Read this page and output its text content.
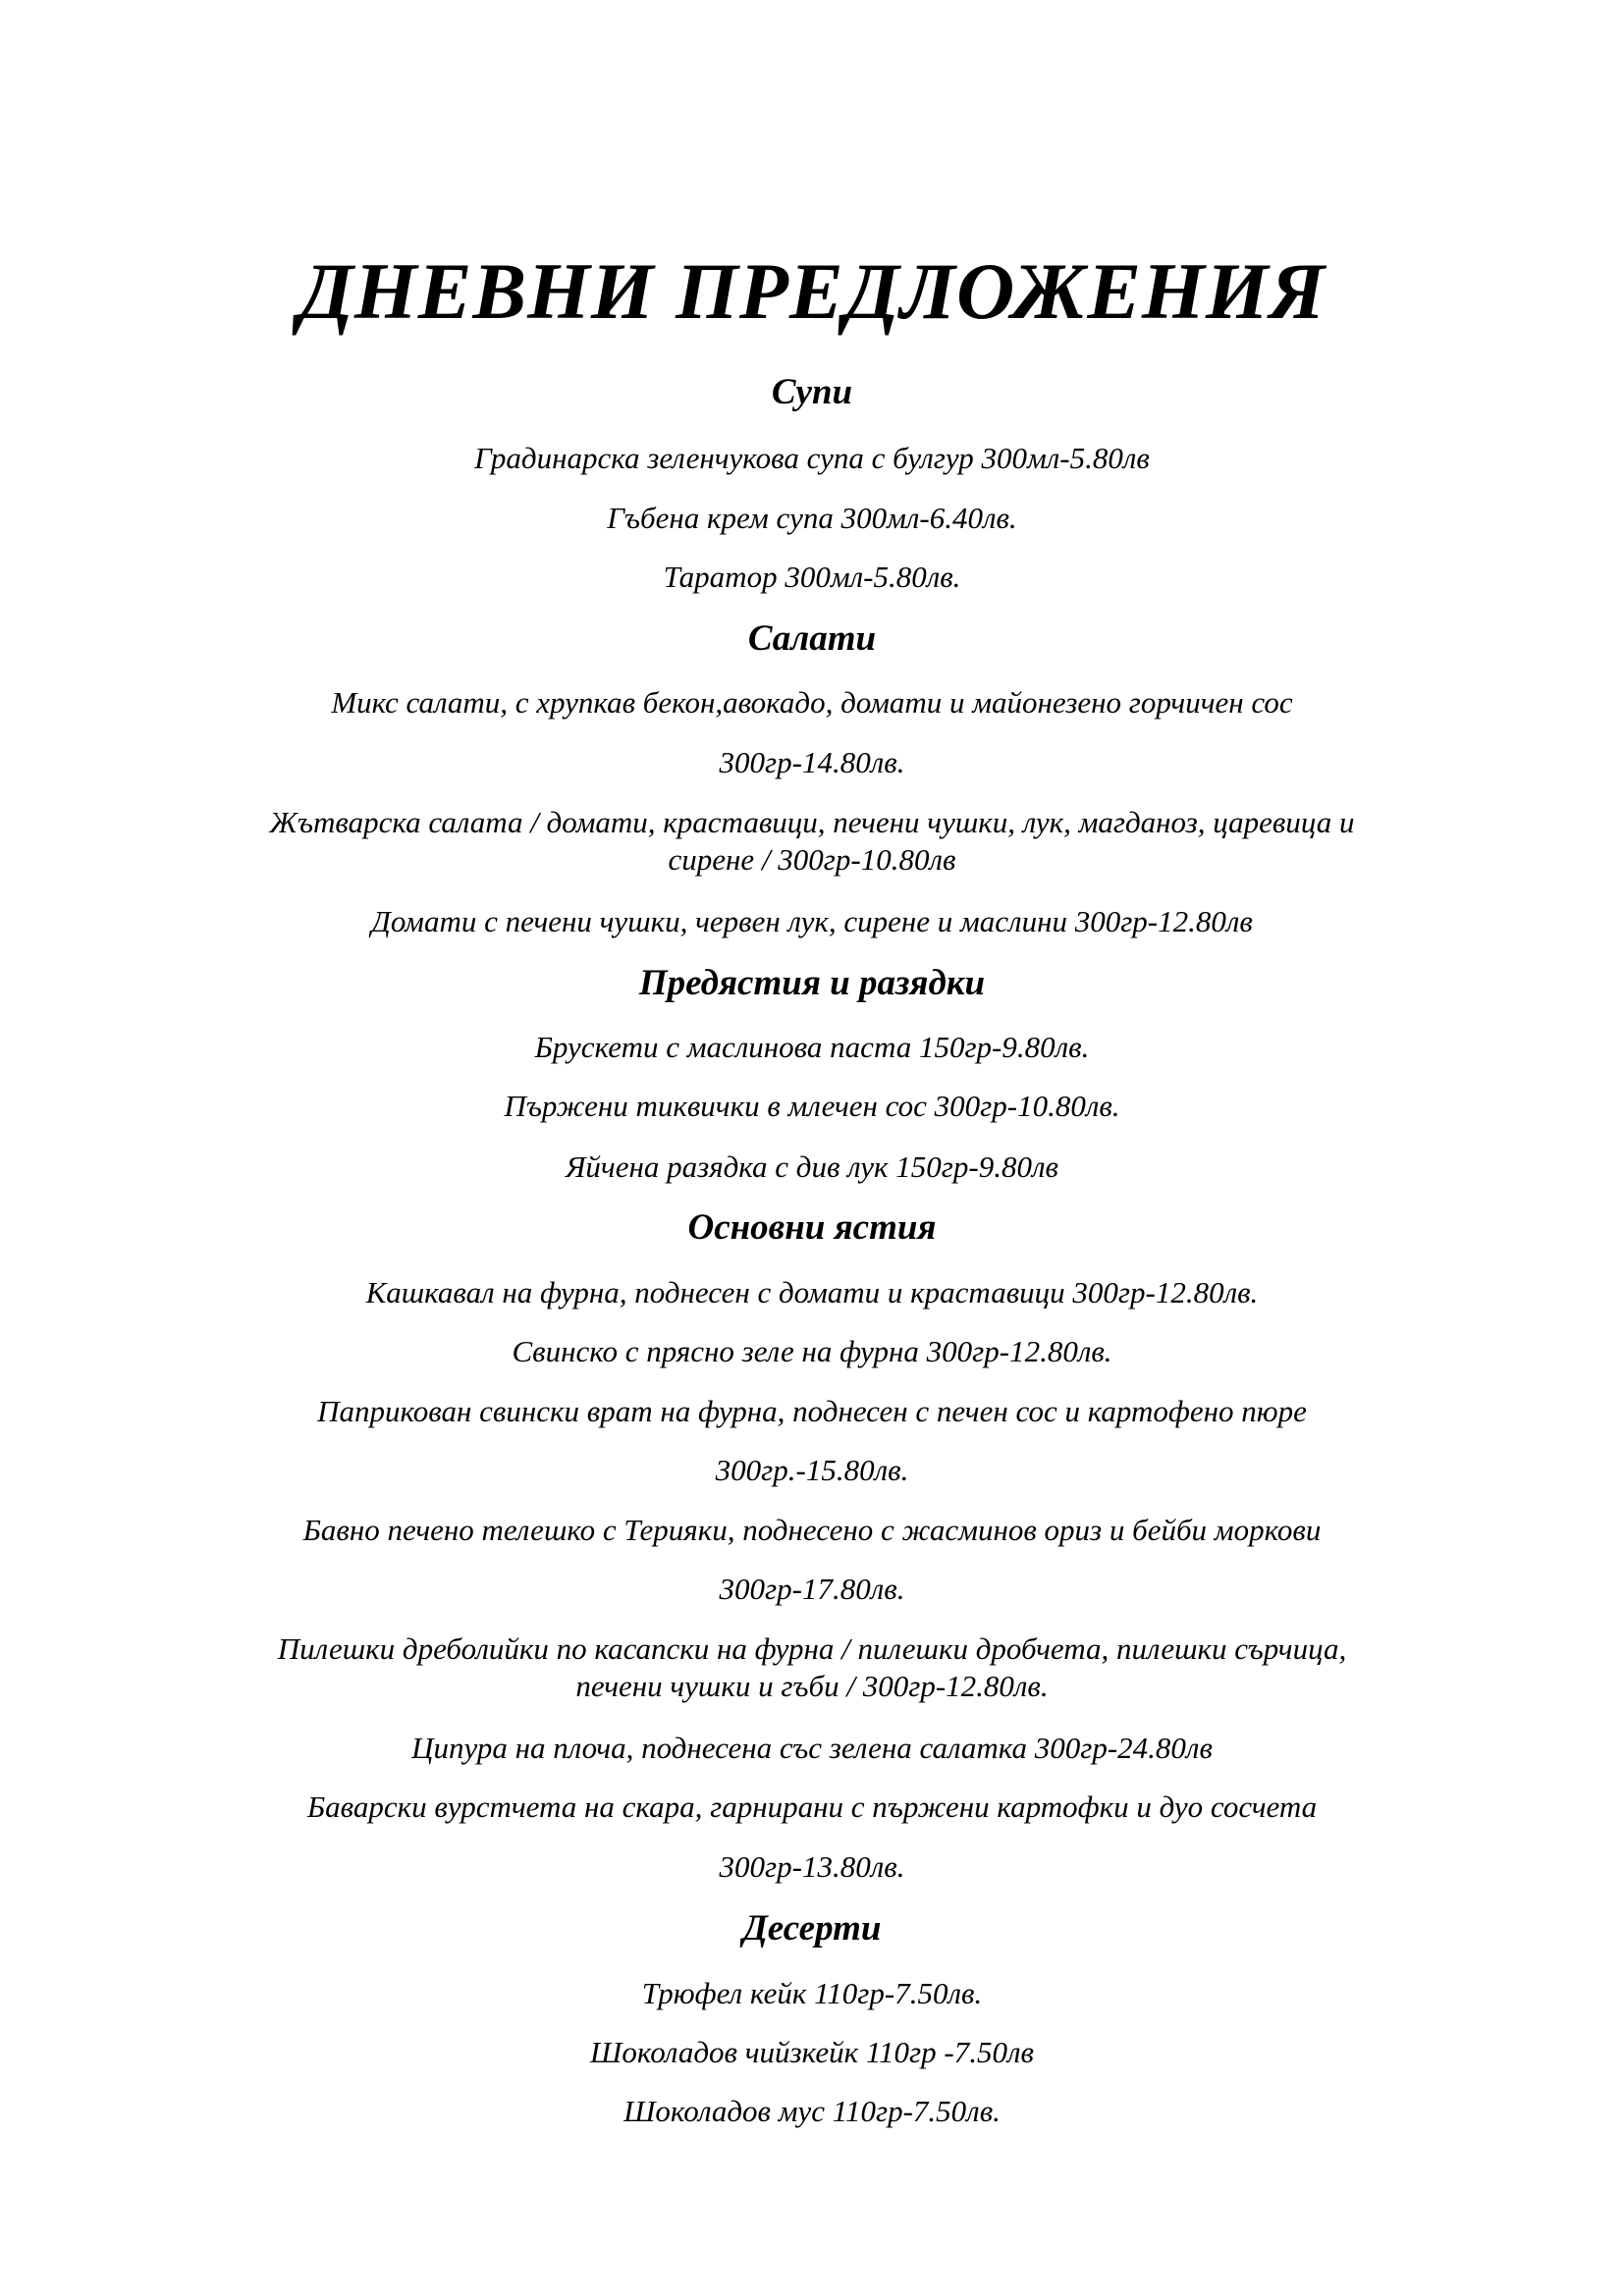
ДНЕВНИ ПРЕДЛОЖЕНИЯ
Супи
Градинарска зеленчукова супа с булгур 300мл-5.80лв
Гъбена крем супа 300мл-6.40лв.
Таратор 300мл-5.80лв.
Салати
Микс салати, с хрупкав бекон,авокадо, домати и майонезено горчичен сос
300гр-14.80лв.
Жътварска салата / домати, краставици, печени чушки, лук, магданоз, царевица и
сирене / 300гр-10.80лв
Домати с печени чушки, червен лук, сирене и маслини 300гр-12.80лв
Предястия и разядки
Брускети с маслинова паста 150гр-9.80лв.
Пържени тиквички в млечен сос 300гр-10.80лв.
Яйчена разядка с див лук 150гр-9.80лв
Основни ястия
Кашкавал на фурна, поднесен с домати и краставици 300гр-12.80лв.
Свинско с прясно зеле на фурна 300гр-12.80лв.
Паприкован свински врат на фурна, поднесен с печен сос и картофено пюре
300гр.-15.80лв.
Бавно печено телешко с Терияки, поднесено с жасминов ориз и бейби моркови
300гр-17.80лв.
Пилешки дреболийки по касапски на фурна / пилешки дробчета, пилешки сърчица,
печени чушки и гъби / 300гр-12.80лв.
Ципура на плоча, поднесена със зелена салатка 300гр-24.80лв
Баварски вурстчета на скара, гарнирани с пържени картофки и дуо сосчета
300гр-13.80лв.
Десерти
Трюфел кейк 110гр-7.50лв.
Шоколадов чийзкейк 110гр -7.50лв
Шоколадов мус 110гр-7.50лв.
